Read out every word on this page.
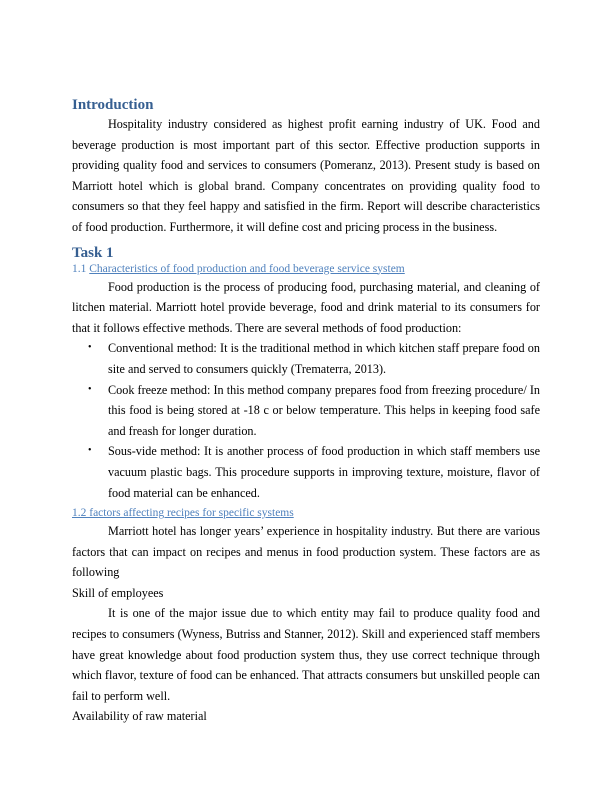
Introduction

Hospitality industry considered as highest profit earning industry of UK. Food and beverage production is most important part of this sector. Effective production supports in providing quality food and services to consumers (Pomeranz, 2013). Present study is based on Marriott hotel which is global brand. Company concentrates on providing quality food to consumers so that they feel happy and satisfied in the firm. Report will describe characteristics of food production. Furthermore, it will define cost and pricing process in the business.

Task 1
1.1 Characteristics of food production and food beverage service system

Food production is the process of producing food, purchasing material, and cleaning of litchen material. Marriott hotel provide beverage, food and drink material to its consumers for that it follows effective methods. There are several methods of food production:

• Conventional method: It is the traditional method in which kitchen staff prepare food on site and served to consumers quickly (Trematerra, 2013).
• Cook freeze method: In this method company prepares food from freezing procedure/ In this food is being stored at -18 c or below temperature. This helps in keeping food safe and freash for longer duration.
• Sous-vide method: It is another process of food production in which staff members use vacuum plastic bags. This procedure supports in improving texture, moisture, flavor of food material can be enhanced.
1.2 factors affecting recipes for specific systems

Marriott hotel has longer years’ experience in hospitality industry. But there are various factors that can impact on recipes and menus in food production system. These factors are as following

Skill of employees

It is one of the major issue due to which entity may fail to produce quality food and recipes to consumers (Wyness, Butriss and Stanner, 2012). Skill and experienced staff members have great knowledge about food production system thus, they use correct technique through which flavor, texture of food can be enhanced. That attracts consumers but unskilled people can fail to perform well.

Availability of raw material
